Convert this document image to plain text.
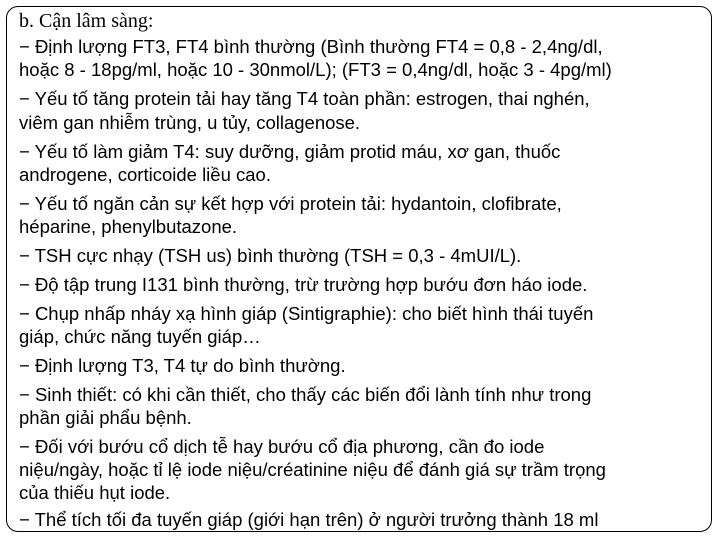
b. Cận lâm sàng:
− Định lượng FT3, FT4 bình thường (Bình thường FT4 = 0,8 - 2,4ng/dl,
hoặc 8 - 18pg/ml, hoặc 10 - 30nmol/L); (FT3 = 0,4ng/dl, hoặc 3 - 4pg/ml)
− Yếu tố tăng protein tải hay tăng T4 toàn phần: estrogen, thai nghén,
viêm gan nhiễm trùng, u tủy, collagenose.
− Yếu tố làm giảm T4: suy dưỡng, giảm protid máu, xơ gan, thuốc
androgene, corticoide liều cao.
− Yếu tố ngăn cản sự kết hợp với protein tải: hydantoin, clofibrate,
héparine, phenylbutazone.
− TSH cực nhạy (TSH us) bình thường (TSH = 0,3 - 4mUI/L).
− Độ tập trung I131 bình thường, trừ trường hợp bướu đơn háo iode.
− Chụp nhấp nháy xạ hình giáp (Sintigraphie): cho biết hình thái tuyến
giáp, chức năng tuyến giáp…
− Định lượng T3, T4 tự do bình thường.
− Sinh thiết: có khi cần thiết, cho thấy các biến đổi lành tính như trong
phần giải phẩu bệnh.
− Đối với bướu cổ dịch tễ hay bướu cổ địa phương, cần đo iode
niệu/ngày, hoặc tỉ lệ iode niệu/créatinine niệu để đánh giá sự trầm trọng
của thiếu hụt iode.
− Thể tích tối đa tuyến giáp (giới hạn trên) ở người trưởng thành 18 ml
